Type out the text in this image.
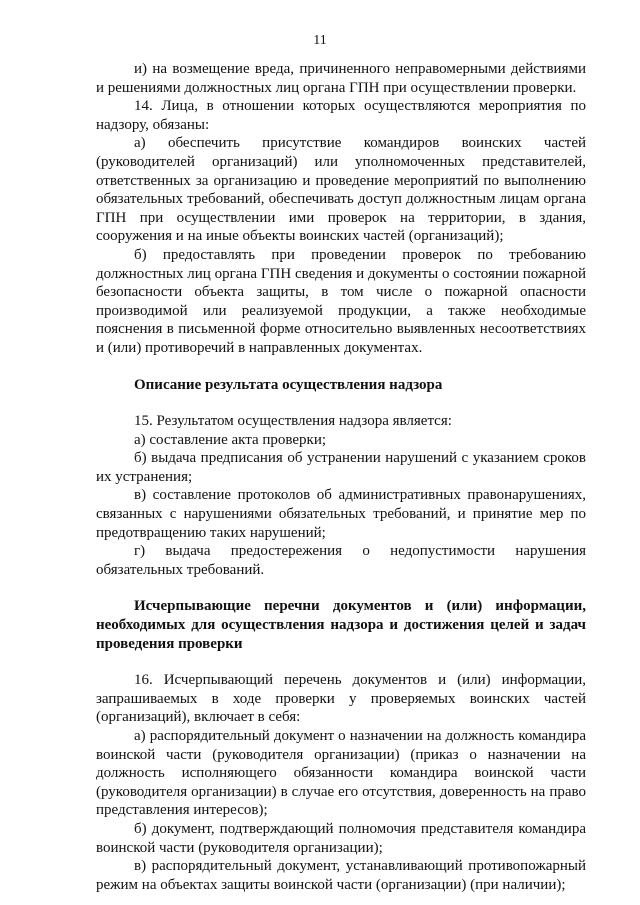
11

и) на возмещение вреда, причиненного неправомерными действиями и решениями должностных лиц органа ГПН при осуществлении проверки.

14. Лица, в отношении которых осуществляются мероприятия по надзору, обязаны:

а) обеспечить присутствие командиров воинских частей (руководителей организаций) или уполномоченных представителей, ответственных за организацию и проведение мероприятий по выполнению обязательных требований, обеспечивать доступ должностным лицам органа ГПН при осуществлении ими проверок на территории, в здания, сооружения и на иные объекты воинских частей (организаций);

б) предоставлять при проведении проверок по требованию должностных лиц органа ГПН сведения и документы о состоянии пожарной безопасности объекта защиты, в том числе о пожарной опасности производимой или реализуемой продукции, а также необходимые пояснения в письменной форме относительно выявленных несоответствиях и (или) противоречий в направленных документах.

Описание результата осуществления надзора

15. Результатом осуществления надзора является:

а) составление акта проверки;

б) выдача предписания об устранении нарушений с указанием сроков их устранения;

в) составление протоколов об административных правонарушениях, связанных с нарушениями обязательных требований, и принятие мер по предотвращению таких нарушений;

г) выдача предостережения о недопустимости нарушения обязательных требований.

Исчерпывающие перечни документов и (или) информации, необходимых для осуществления надзора и достижения целей и задач проведения проверки

16. Исчерпывающий перечень документов и (или) информации, запрашиваемых в ходе проверки у проверяемых воинских частей (организаций), включает в себя:

а) распорядительный документ о назначении на должность командира воинской части (руководителя организации) (приказ о назначении на должность исполняющего обязанности командира воинской части (руководителя организации) в случае его отсутствия, доверенность на право представления интересов);

б) документ, подтверждающий полномочия представителя командира воинской части (руководителя организации);

в) распорядительный документ, устанавливающий противопожарный режим на объектах защиты воинской части (организации) (при наличии);
